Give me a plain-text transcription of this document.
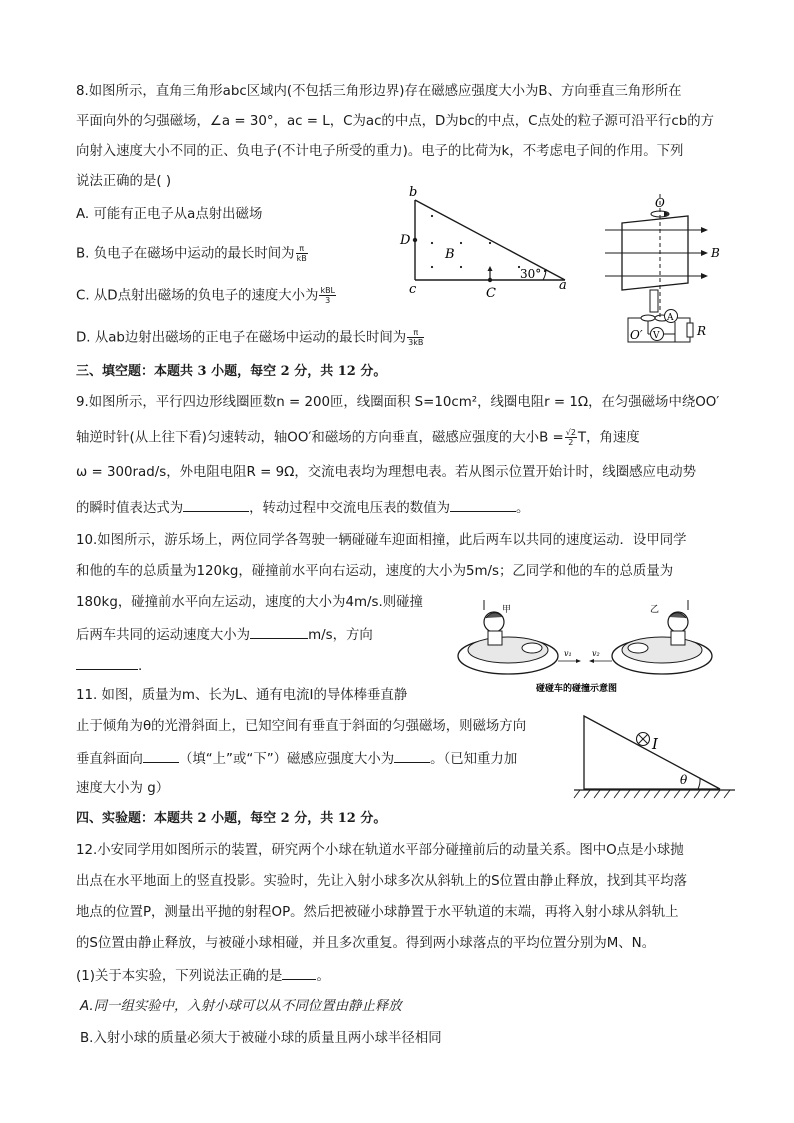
8.如图所示，直角三角形abc区域内(不包括三角形边界)存在磁感应强度大小为B、方向垂直三角形所在
平面向外的匀强磁场，∠a = 30°，ac = L，C为ac的中点，D为bc的中点，C点处的粒子源可沿平行cb的方
向射入速度大小不同的正、负电子(不计电子所受的重力)。电子的比荷为k，不考虑电子间的作用。下列
说法正确的是( )
A. 可能有正电子从a点射出磁场
B. 负电子在磁场中运动的最长时间为 $\frac{\pi}{kB}$
C. 从D点射出磁场的负电子的速度大小为 $\frac{\text{kBL}}{3}$
D. 从ab边射出磁场的正电子在磁场中运动的最长时间为 $\frac{\pi}{3kB}$
b
D
B
c	C
a
30°
O
B
R
A
V
O′
三、填空题：本题共 3 小题，每空 2 分，共 12 分。
9.如图所示，平行四边形线圈匝数n = 200匝，线圈面积 S=10cm²，线圈电阻r = 1Ω，在匀强磁场中绕OO′
轴逆时针(从上往下看)匀速转动，轴OO′和磁场的方向垂直，磁感应强度的大小$B = \frac{√2}{2}$ T，角速度
ω = 300rad/s，外电阻电阻R = 9Ω，交流电表均为理想电表。若从图示位置开始计时，线圈感应电动势
的瞬时值表达式为	，转动过程中交流电压表的数值为	。
10.如图所示，游乐场上，两位同学各驾驶一辆碰碰车迎面相撞，此后两车以共同的速度运动．设甲同学
和他的车的总质量为120kg，碰撞前水平向右运动，速度的大小为5m/s；乙同学和他的车的总质量为
180kg，碰撞前水平向左运动，速度的大小为4m/s.则碰撞
后两车共同的运动速度大小为	m/s，方向
.
甲	乙
v₁	v₂
碰碰车的碰撞示意图
11. 如图，质量为m、长为L、通有电流I的导体棒垂直静
止于倾角为θ的光滑斜面上，已知空间有垂直于斜面的匀强磁场，则磁场方向
垂直斜面向	（填“上”或“下”）磁感应强度大小为	。（已知重力加
速度大小为 g）
I
θ
四、实验题：本题共 2 小题，每空 2 分，共 12 分。
12.小安同学用如图所示的装置，研究两个小球在轨道水平部分碰撞前后的动量关系。图中O点是小球抛
出点在水平地面上的竖直投影。实验时，先让入射小球多次从斜轨上的S位置由静止释放，找到其平均落
地点的位置P，测量出平抛的射程OP。然后把被碰小球静置于水平轨道的末端，再将入射小球从斜轨上
的S位置由静止释放，与被碰小球相碰，并且多次重复。得到两小球落点的平均位置分别为M、N。
(1)关于本实验，下列说法正确的是	。
A.同一组实验中，入射小球可以从不同位置由静止释放
B.入射小球的质量必须大于被碰小球的质量且两小球半径相同
